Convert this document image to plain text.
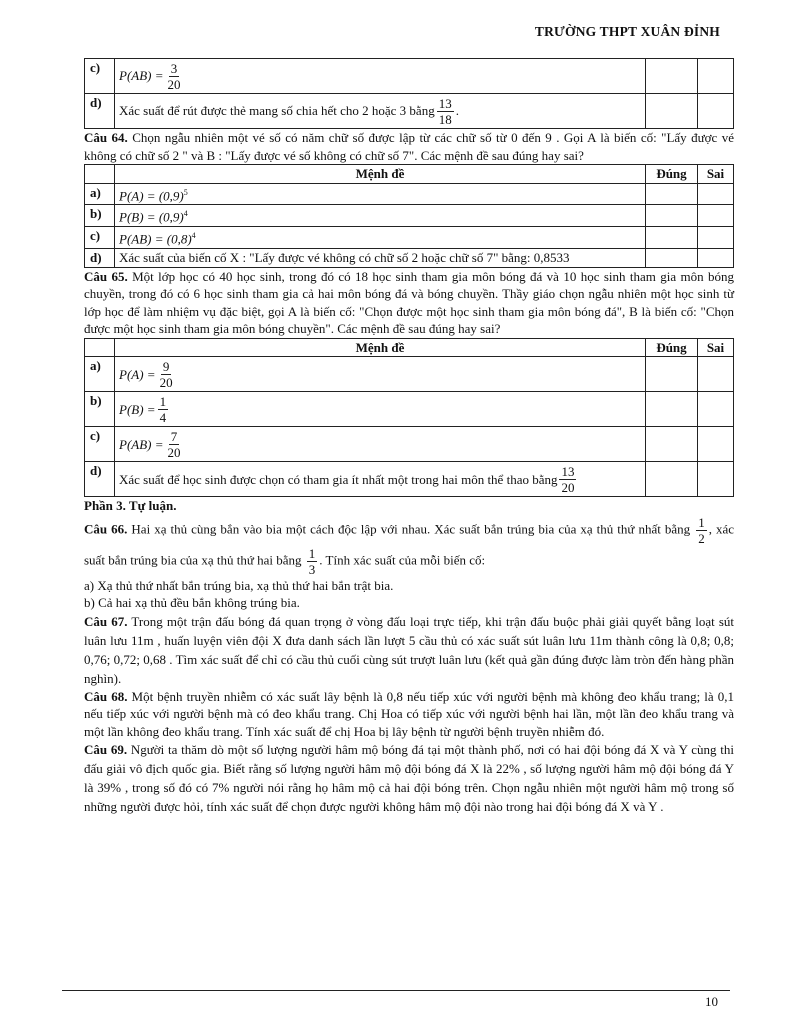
TRƯỜNG THPT XUÂN ĐỈNH
c)	$P(AB) = \frac{3}{20}$

d)	Xác suất để rút được thẻ mang số chia hết cho 2 hoặc 3 bằng $\frac{13}{18}$ .		

Câu 64. Chọn ngẫu nhiên một vé số có năm chữ số được lập từ các chữ số từ 0 đến 9 . Gọi A là biến cố: "Lấy được vé không có chữ số 2 " và B : "Lấy được vé số không có chữ số 7". Các mệnh đề sau đúng hay sai?

	Mệnh đề	Đúng	Sai
a)	$P(A) = (0,9)^5$		
b)	$P(B) = (0,9)^4$		
c)	$P(AB) = (0,8)^4$		
d)	Xác suất của biến cố X : "Lấy được vé không có chữ số 2 hoặc chữ số 7" bằng: 0,8533		

Câu 65. Một lớp học có 40 học sinh, trong đó có 18 học sinh tham gia môn bóng đá và 10 học sinh tham gia môn bóng chuyền, trong đó có 6 học sinh tham gia cả hai môn bóng đá và bóng chuyền. Thầy giáo chọn ngẫu nhiên một học sinh từ lớp học để làm nhiệm vụ đặc biệt, gọi A là biến cố: "Chọn được một học sinh tham gia môn bóng đá", B là biến cố: "Chọn được một học sinh tham gia môn bóng chuyền". Các mệnh đề sau đúng hay sai?

	Mệnh đề	Đúng	Sai
a)	$P(A) = \frac{9}{20}$

b)	$P(B) = \frac{1}{4}$

c)	$P(AB) = \frac{7}{20}$

d)	Xác suất để học sinh được chọn có tham gia ít nhất một trong hai môn thể thao bằng $\frac{13}{20}$

Phần 3. Tự luận.

Câu 66. Hai xạ thủ cùng bắn vào bia một cách độc lập với nhau. Xác suất bắn trúng bia của xạ thủ thứ nhất bằng $\frac{1}{2}$ , xác suất bắn trúng bia của xạ thủ thứ hai bằng $\frac{1}{3}$ . Tính xác suất của mỗi biến cố:

a) Xạ thủ thứ nhất bắn trúng bia, xạ thủ thứ hai bắn trật bia.

b) Cả hai xạ thủ đều bắn không trúng bia.

Câu 67. Trong một trận đấu bóng đá quan trọng ở vòng đấu loại trực tiếp, khi trận đấu buộc phải giải quyết bằng loạt sút luân lưu 11m , huấn luyện viên đội X đưa danh sách lần lượt 5 cầu thủ có xác suất sút luân lưu 11m thành công là 0,8; 0,8; 0,76; 0,72; 0,68 . Tìm xác suất để chỉ có cầu thủ cuối cùng sút trượt luân lưu (kết quả gần đúng được làm tròn đến hàng phần nghìn).

Câu 68. Một bệnh truyền nhiễm có xác suất lây bệnh là 0,8 nếu tiếp xúc với người bệnh mà không đeo khẩu trang; là 0,1 nếu tiếp xúc với người bệnh mà có đeo khẩu trang. Chị Hoa có tiếp xúc với người bệnh hai lần, một lần đeo khẩu trang và một lần không đeo khẩu trang. Tính xác suất để chị Hoa bị lây bệnh từ người bệnh truyền nhiễm đó.

Câu 69. Người ta thăm dò một số lượng người hâm mộ bóng đá tại một thành phố, nơi có hai đội bóng đá X và Y cùng thi đấu giải vô địch quốc gia. Biết rằng số lượng người hâm mộ đội bóng đá X là 22% , số lượng người hâm mộ đội bóng đá Y là 39% , trong số đó có 7% người nói rằng họ hâm mộ cả hai đội bóng trên. Chọn ngẫu nhiên một người hâm mộ trong số những người được hỏi, tính xác suất để chọn được người không hâm mộ đội nào trong hai đội bóng đá X và Y .

10
